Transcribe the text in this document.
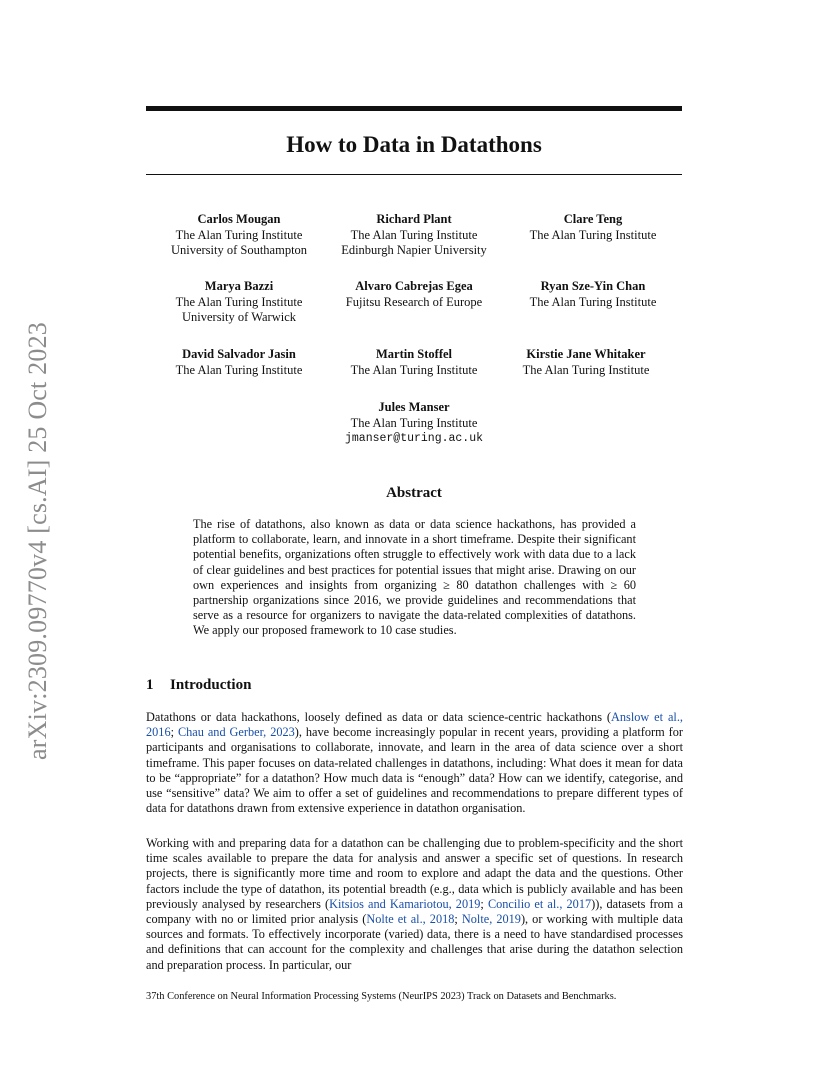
arXiv:2309.09770v4 [cs.AI] 25 Oct 2023
How to Data in Datathons
Carlos Mougan
The Alan Turing Institute
University of Southampton
Richard Plant
The Alan Turing Institute
Edinburgh Napier University
Clare Teng
The Alan Turing Institute
Marya Bazzi
The Alan Turing Institute
University of Warwick
Alvaro Cabrejas Egea
Fujitsu Research of Europe
Ryan Sze-Yin Chan
The Alan Turing Institute
David Salvador Jasin
The Alan Turing Institute
Martin Stoffel
The Alan Turing Institute
Kirstie Jane Whitaker
The Alan Turing Institute
Jules Manser
The Alan Turing Institute
jmanser@turing.ac.uk
Abstract
The rise of datathons, also known as data or data science hackathons, has provided a platform to collaborate, learn, and innovate in a short timeframe. Despite their significant potential benefits, organizations often struggle to effectively work with data due to a lack of clear guidelines and best practices for potential issues that might arise. Drawing on our own experiences and insights from organizing ≥ 80 datathon challenges with ≥ 60 partnership organizations since 2016, we provide guidelines and recommendations that serve as a resource for organizers to navigate the data-related complexities of datathons. We apply our proposed framework to 10 case studies.
1 Introduction
Datathons or data hackathons, loosely defined as data or data science-centric hackathons (Anslow et al., 2016; Chau and Gerber, 2023), have become increasingly popular in recent years, providing a platform for participants and organisations to collaborate, innovate, and learn in the area of data science over a short timeframe. This paper focuses on data-related challenges in datathons, including: What does it mean for data to be “appropriate” for a datathon? How much data is “enough” data? How can we identify, categorise, and use “sensitive” data? We aim to offer a set of guidelines and recommendations to prepare different types of data for datathons drawn from extensive experience in datathon organisation.
Working with and preparing data for a datathon can be challenging due to problem-specificity and the short time scales available to prepare the data for analysis and answer a specific set of questions. In research projects, there is significantly more time and room to explore and adapt the data and the questions. Other factors include the type of datathon, its potential breadth (e.g., data which is publicly available and has been previously analysed by researchers (Kitsios and Kamariotou, 2019; Concilio et al., 2017)), datasets from a company with no or limited prior analysis (Nolte et al., 2018; Nolte, 2019), or working with multiple data sources and formats. To effectively incorporate (varied) data, there is a need to have standardised processes and definitions that can account for the complexity and challenges that arise during the datathon selection and preparation process. In particular, our
37th Conference on Neural Information Processing Systems (NeurIPS 2023) Track on Datasets and Benchmarks.
